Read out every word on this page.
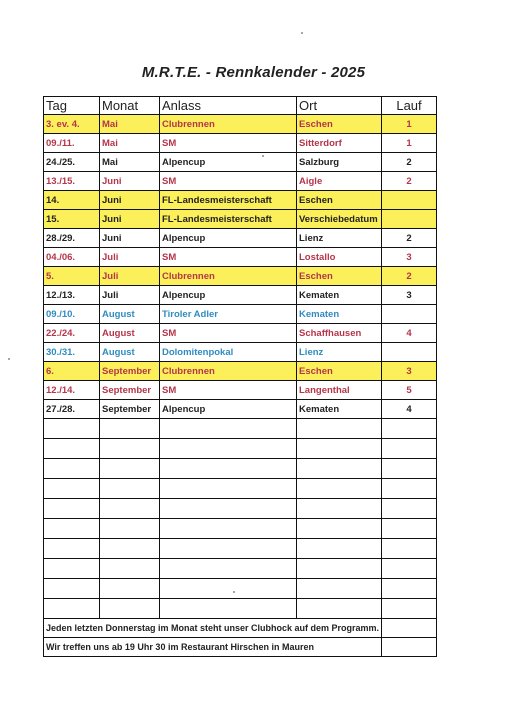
M.R.T.E. - Rennkalender - 2025
Tag	Monat	Anlass	Ort	Lauf
3. ev. 4.	Mai	Clubrennen	Eschen	1
09./11.	Mai	SM	Sitterdorf	1
24./25.	Mai	Alpencup	Salzburg	2
13./15.	Juni	SM	Aigle	2
14.	Juni	FL-Landesmeisterschaft	Eschen	
15.	Juni	FL-Landesmeisterschaft	Verschiebedatum	
28./29.	Juni	Alpencup	Lienz	2
04./06.	Juli	SM	Lostallo	3
5.	Juli	Clubrennen	Eschen	2
12./13.	Juli	Alpencup	Kematen	3
09./10.	August	Tiroler Adler	Kematen	
22./24.	August	SM	Schaffhausen	4
30./31.	August	Dolomitenpokal	Lienz	
6.	September	Clubrennen	Eschen	3
12./14.	September	SM	Langenthal	5
27./28.	September	Alpencup	Kematen	4

Jeden letzten Donnerstag im Monat steht unser Clubhock auf dem Programm.				
Wir treffen uns ab 19 Uhr 30 im Restaurant Hirschen in Mauren				
